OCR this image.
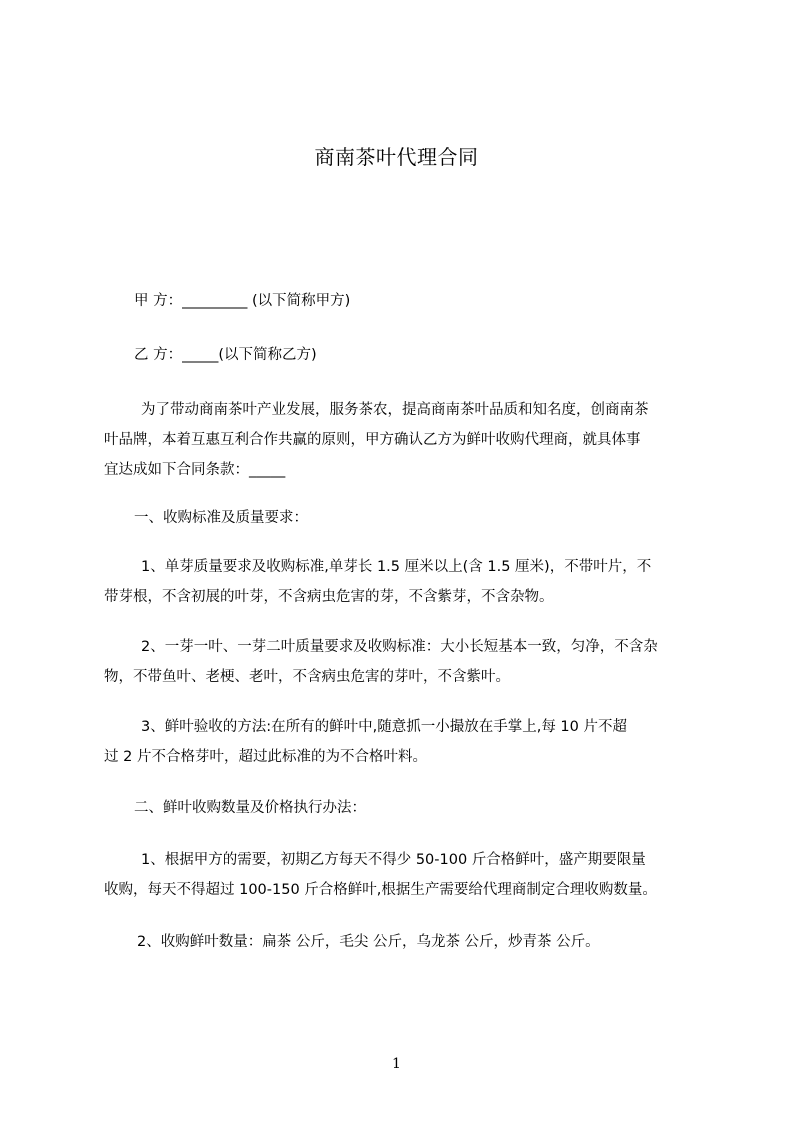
商南茶叶代理合同
甲 方：_________ (以下简称甲方)
乙 方：_____(以下简称乙方)
为了带动商南茶叶产业发展，服务茶农，提高商南茶叶品质和知名度，创商南茶
叶品牌，本着互惠互利合作共赢的原则，甲方确认乙方为鲜叶收购代理商，就具体事
宜达成如下合同条款：_____
一、收购标准及质量要求：
1、单芽质量要求及收购标准,单芽长 1.5 厘米以上(含 1.5 厘米)，不带叶片，不
带芽根，不含初展的叶芽，不含病虫危害的芽，不含紫芽，不含杂物。
2、一芽一叶、一芽二叶质量要求及收购标准：大小长短基本一致，匀净，不含杂
物，不带鱼叶、老梗、老叶，不含病虫危害的芽叶，不含紫叶。
3、鲜叶验收的方法:在所有的鲜叶中,随意抓一小撮放在手掌上,每 10 片不超
过 2 片不合格芽叶，超过此标准的为不合格叶料。
二、鲜叶收购数量及价格执行办法：
1、根据甲方的需要，初期乙方每天不得少 50-100 斤合格鲜叶，盛产期要限量
收购，每天不得超过 100-150 斤合格鲜叶,根据生产需要给代理商制定合理收购数量。
2、收购鲜叶数量：扁茶 公斤，毛尖 公斤，乌龙茶 公斤，炒青茶 公斤。
1
